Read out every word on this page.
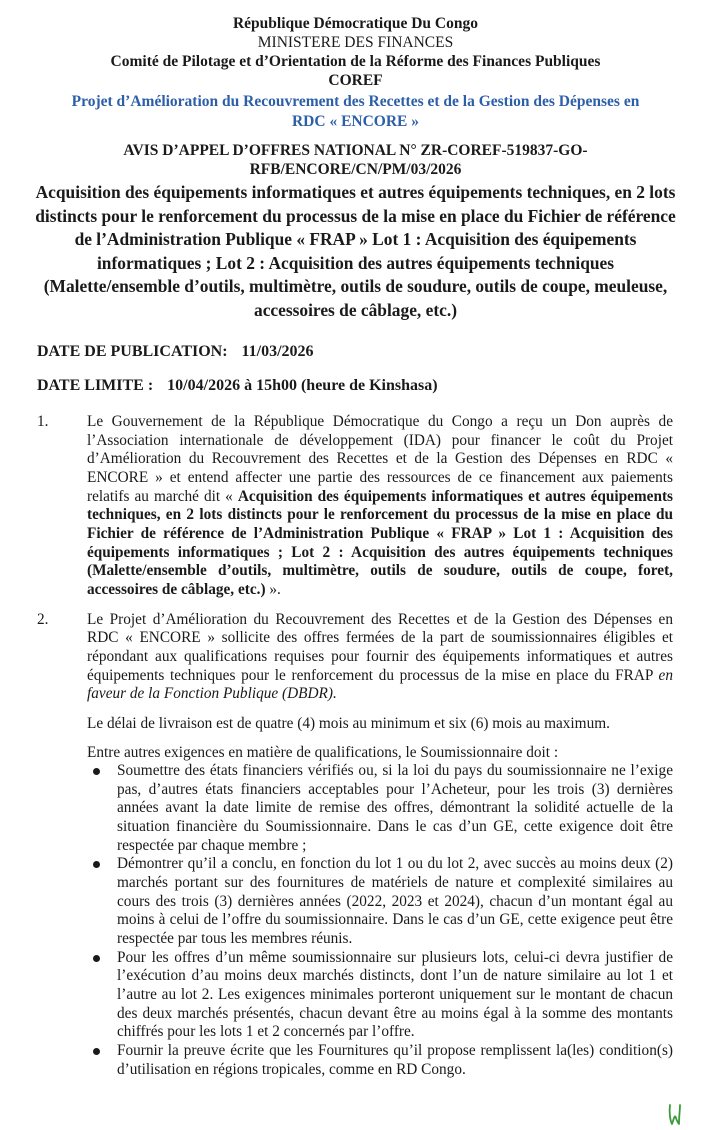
République Démocratique Du Congo
MINISTERE DES FINANCES
Comité de Pilotage et d’Orientation de la Réforme des Finances Publiques
COREF
Projet d’Amélioration du Recouvrement des Recettes et de la Gestion des Dépenses en
RDC « ENCORE »
AVIS D’APPEL D’OFFRES NATIONAL N° ZR-COREF-519837-GO-RFB/ENCORE/CN/PM/03/2026
Acquisition des équipements informatiques et autres équipements techniques, en 2 lots distincts pour le renforcement du processus de la mise en place du Fichier de référence de l’Administration Publique « FRAP » Lot 1 : Acquisition des équipements informatiques ; Lot 2 : Acquisition des autres équipements techniques (Malette/ensemble d’outils, multimètre, outils de soudure, outils de coupe, meuleuse, accessoires de câblage, etc.)
DATE DE PUBLICATION: 11/03/2026
DATE LIMITE : 10/04/2026 à 15h00 (heure de Kinshasa)
1.	Le Gouvernement de la République Démocratique du Congo a reçu un Don auprès de l’Association internationale de développement (IDA) pour financer le coût du Projet d’Amélioration du Recouvrement des Recettes et de la Gestion des Dépenses en RDC « ENCORE » et entend affecter une partie des ressources de ce financement aux paiements relatifs au marché dit « Acquisition des équipements informatiques et autres équipements techniques, en 2 lots distincts pour le renforcement du processus de la mise en place du Fichier de référence de l’Administration Publique « FRAP » Lot 1 : Acquisition des équipements informatiques ; Lot 2 : Acquisition des autres équipements techniques (Malette/ensemble d’outils, multimètre, outils de soudure, outils de coupe, foret, accessoires de câblage, etc.) ».
2.	Le Projet d’Amélioration du Recouvrement des Recettes et de la Gestion des Dépenses en RDC « ENCORE » sollicite des offres fermées de la part de soumissionnaires éligibles et répondant aux qualifications requises pour fournir des équipements informatiques et autres équipements techniques pour le renforcement du processus de la mise en place du FRAP en faveur de la Fonction Publique (DBDR).
Le délai de livraison est de quatre (4) mois au minimum et six (6) mois au maximum.
Entre autres exigences en matière de qualifications, le Soumissionnaire doit :
Soumettre des états financiers vérifiés ou, si la loi du pays du soumissionnaire ne l’exige pas, d’autres états financiers acceptables pour l’Acheteur, pour les trois (3) dernières années avant la date limite de remise des offres, démontrant la solidité actuelle de la situation financière du Soumissionnaire. Dans le cas d’un GE, cette exigence doit être respectée par chaque membre ;
Démontrer qu’il a conclu, en fonction du lot 1 ou du lot 2, avec succès au moins deux (2) marchés portant sur des fournitures de matériels de nature et complexité similaires au cours des trois (3) dernières années (2022, 2023 et 2024), chacun d’un montant égal au moins à celui de l’offre du soumissionnaire. Dans le cas d’un GE, cette exigence peut être respectée par tous les membres réunis.
Pour les offres d’un même soumissionnaire sur plusieurs lots, celui-ci devra justifier de l’exécution d’au moins deux marchés distincts, dont l’un de nature similaire au lot 1 et l’autre au lot 2. Les exigences minimales porteront uniquement sur le montant de chacun des deux marchés présentés, chacun devant être au moins égal à la somme des montants chiffrés pour les lots 1 et 2 concernés par l’offre.
Fournir la preuve écrite que les Fournitures qu’il propose remplissent la(les) condition(s) d’utilisation en régions tropicales, comme en RD Congo.
